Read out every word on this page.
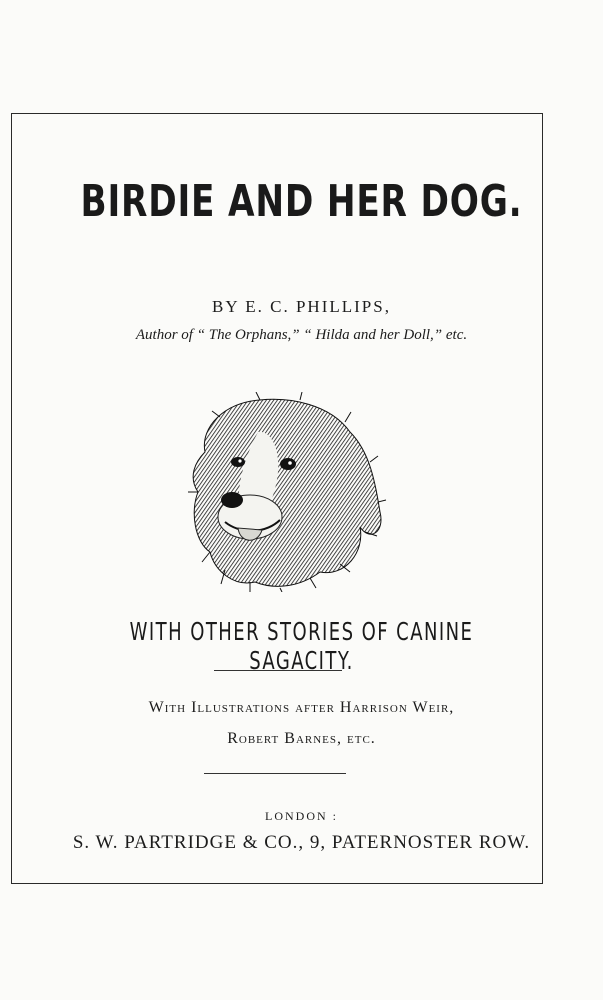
BIRDIE AND HER DOG.
BY E. C. PHILLIPS,
Author of “ The Orphans,” “ Hilda and her Doll,” etc.
WITH OTHER STORIES OF CANINE SAGACITY.
With Illustrations after Harrison Weir,
Robert Barnes, etc.
LONDON :
S. W. PARTRIDGE & CO., 9, PATERNOSTER ROW.
